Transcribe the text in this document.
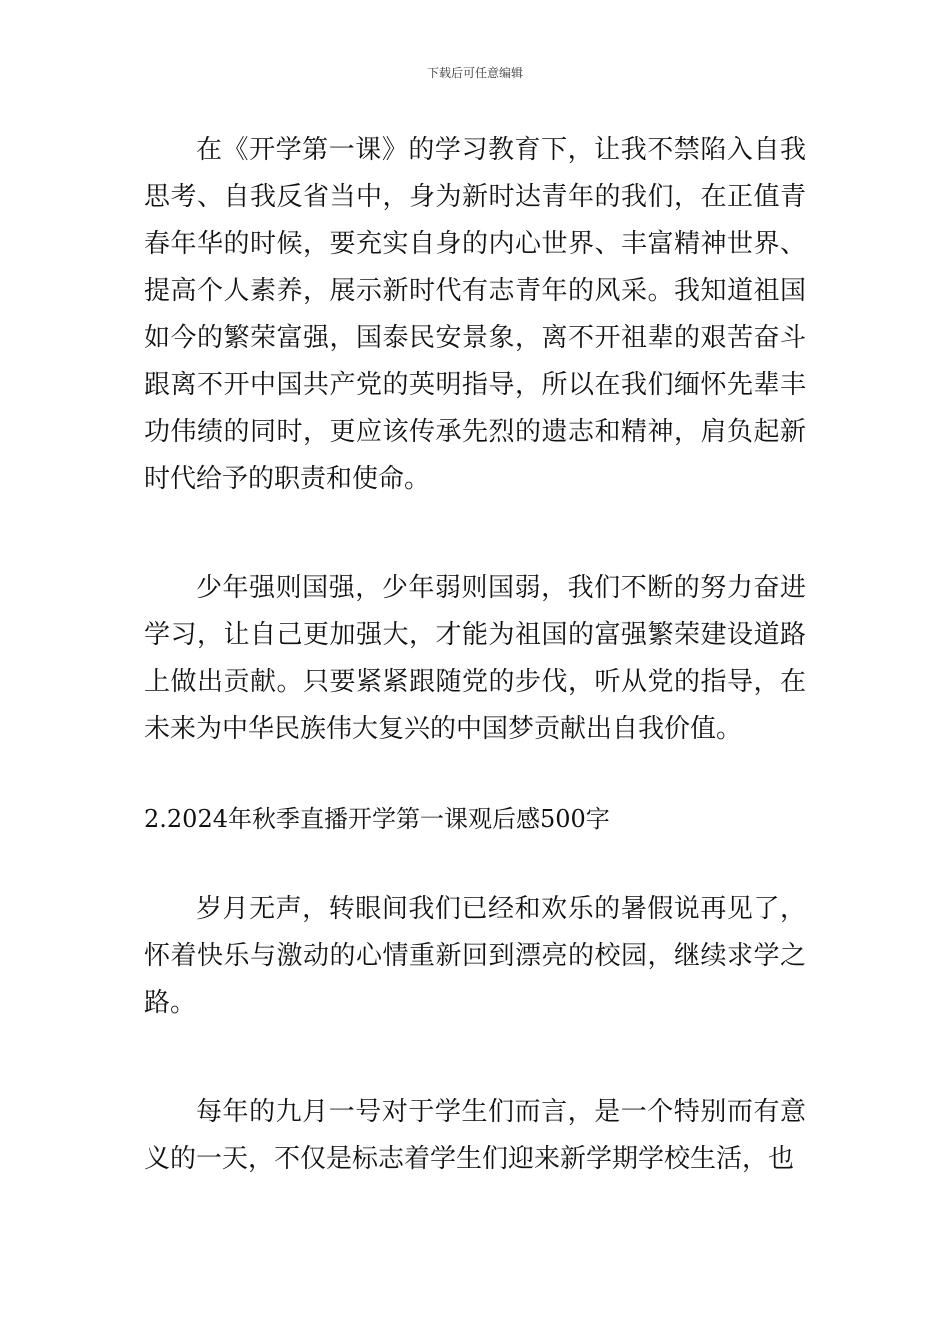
下载后可任意编辑

在《开学第一课》的学习教育下，让我不禁陷入自我思考、自我反省当中，身为新时达青年的我们，在正值青春年华的时候，要充实自身的内心世界、丰富精神世界、提高个人素养，展示新时代有志青年的风采。我知道祖国如今的繁荣富强，国泰民安景象，离不开祖辈的艰苦奋斗跟离不开中国共产党的英明指导，所以在我们缅怀先辈丰功伟绩的同时，更应该传承先烈的遗志和精神，肩负起新时代给予的职责和使命。

少年强则国强，少年弱则国弱，我们不断的努力奋进学习，让自己更加强大，才能为祖国的富强繁荣建设道路上做出贡献。只要紧紧跟随党的步伐，听从党的指导，在未来为中华民族伟大复兴的中国梦贡献出自我价值。

2.2024年秋季直播开学第一课观后感500字

岁月无声，转眼间我们已经和欢乐的暑假说再见了，怀着快乐与激动的心情重新回到漂亮的校园，继续求学之路。

每年的九月一号对于学生们而言，是一个特别而有意义的一天，不仅是标志着学生们迎来新学期学校生活，也
